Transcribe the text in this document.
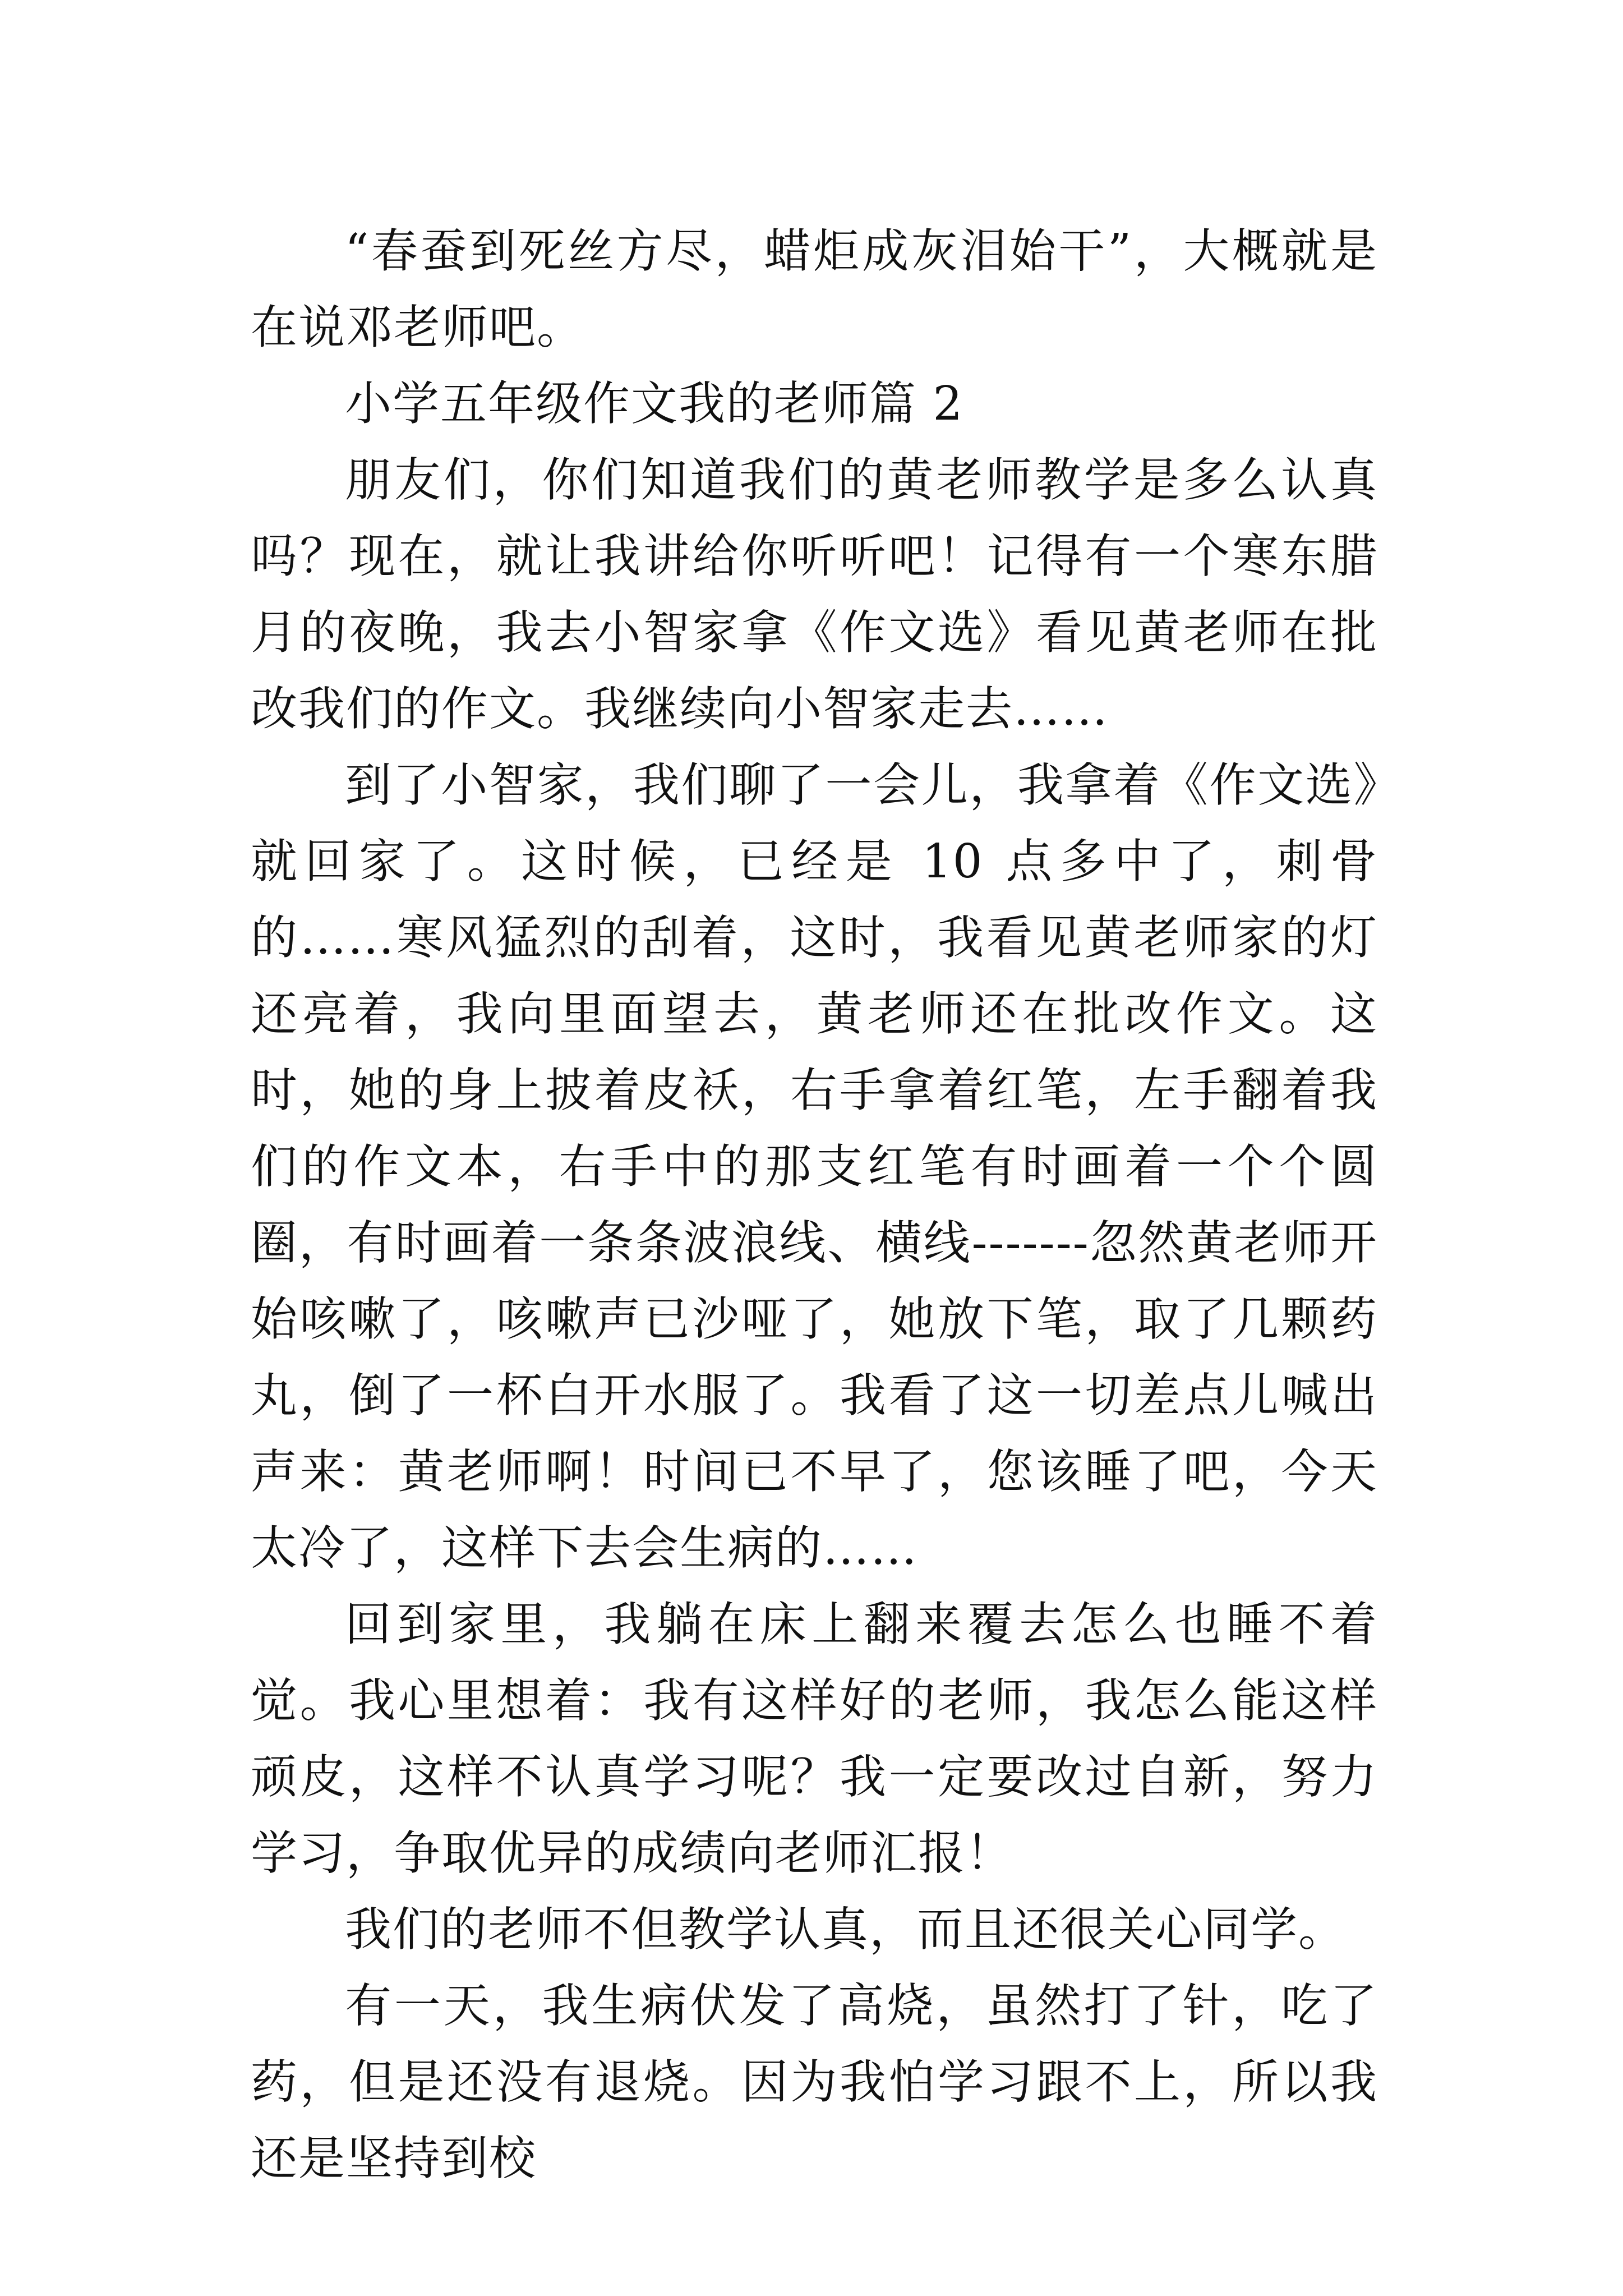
“春蚕到死丝方尽，蜡炬成灰泪始干”，大概就是在说邓老师吧。

小学五年级作文我的老师篇 2

朋友们，你们知道我们的黄老师教学是多么认真吗？现在，就让我讲给你听听吧！记得有一个寒东腊月的夜晚，我去小智家拿《作文选》看见黄老师在批改我们的作文。我继续向小智家走去……

到了小智家，我们聊了一会儿，我拿着《作文选》就回家了。这时候，已经是 10 点多中了，刺骨的……寒风猛烈的刮着，这时，我看见黄老师家的灯还亮着，我向里面望去，黄老师还在批改作文。这时，她的身上披着皮袄，右手拿着红笔，左手翻着我们的作文本，右手中的那支红笔有时画着一个个圆圈，有时画着一条条波浪线、横线-------忽然黄老师开始咳嗽了，咳嗽声已沙哑了，她放下笔，取了几颗药丸，倒了一杯白开水服了。我看了这一切差点儿喊出声来：黄老师啊！时间已不早了，您该睡了吧，今天太冷了，这样下去会生病的……

回到家里，我躺在床上翻来覆去怎么也睡不着觉。我心里想着：我有这样好的老师，我怎么能这样顽皮，这样不认真学习呢？我一定要改过自新，努力学习，争取优异的成绩向老师汇报！

我们的老师不但教学认真，而且还很关心同学。

有一天，我生病伏发了高烧，虽然打了针，吃了药，但是还没有退烧。因为我怕学习跟不上，所以我还是坚持到校
